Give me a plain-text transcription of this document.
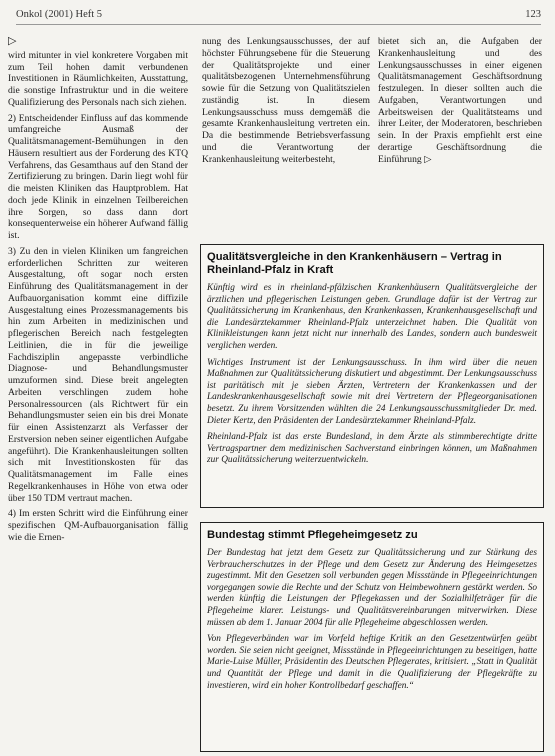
Onkol (2001) Heft 5	123
▷

wird mitunter in viel konkretere Vorgaben mit zum Teil hohen damit verbundenen Investitionen in Räumlichkeiten, Ausstattung, die sonstige Infrastruktur und in die weitere Qualifizierung des Personals nach sich ziehen.

2) Entscheidender Einfluss auf das kommende umfangreiche Ausmaß der Qualitätsmanagement-Bemühungen in den Häusern resultiert aus der Forderung des KTQ Verfahrens, das Gesamthaus auf den Stand der Zertifizierung zu bringen. Darin liegt wohl für die meisten Kliniken das Hauptproblem. Hat doch jede Klinik in einzelnen Teilbereichen ihre Sorgen, so dass dann dort konsequenterweise ein höherer Aufwand fällig ist.

3) Zu den in vielen Kliniken um fangreichen erforderlichen Schritten zur weiteren Ausgestaltung, oft sogar noch ersten Einführung des Qualitätsmanagement in der Aufbauorganisation kommt eine diffizile Ausgestaltung eines Prozessmanagements bis hin zum Arbeiten in medizinischen und pflegerischen Bereich nach festgelegten Leitlinien, die in für die jeweilige Fachdisziplin angepasste verbindliche Diagnose- und Behandlungsmuster umzuformen sind. Diese breit angelegten Arbeiten verschlingen zudem hohe Personalressourcen (als Richtwert für ein Behandlungsmuster seien ein bis drei Monate für einen Assistenzarzt als Verfasser der Erstversion neben seiner eigentlichen Aufgabe angeführt). Die Krankenhausleitungen sollten sich mit Investitionskosten für das Qualitätsmanagement im Falle eines Regelkrankenhauses in Höhe von etwa oder über 150 TDM vertraut machen.

4) Im ersten Schritt wird die Einführung einer spezifischen QM-Aufbauorganisation fällig wie die Ernen-

nung des Lenkungsausschusses, der auf höchster Führungsebene für die Steuerung der Qualitätsprojekte und einer qualitätsbezogenen Unternehmensführung sowie für die Setzung von Qualitätszielen zuständig ist. In diesem Lenkungsausschuss muss demgemäß die gesamte Krankenhausleitung vertreten ein. Da die bestimmende Betriebsverfassung und die Verantwortung der Krankenhausleitung weiterbesteht,

bietet sich an, die Aufgaben der Krankenhausleitung und des Lenkungsausschusses in einer eigenen Qualitätsmanagement Geschäftsordnung festzulegen. In dieser sollten auch die Aufgaben, Verantwortungen und Arbeitsweisen der Qualitätsteams und ihrer Leiter, der Moderatoren, beschrieben sein. In der Praxis empfiehlt erst eine derartige Geschäftsordnung die Einführung ▷

Qualitätsvergleiche in den Krankenhäusern – Vertrag in Rheinland-Pfalz in Kraft

Künftig wird es in rheinland-pfälzischen Krankenhäusern Qualitätsvergleiche der ärztlichen und pflegerischen Leistungen geben. Grundlage dafür ist der Vertrag zur Qualitätssicherung im Krankenhaus, den Krankenkassen, Krankenhausgesellschaft und die Landesärztekammer Rheinland-Pfalz unterzeichnet haben. Die Qualität von Klinikleistungen kann jetzt nicht nur innerhalb des Landes, sondern auch bundesweit verglichen werden.

Wichtiges Instrument ist der Lenkungsausschuss. In ihm wird über die neuen Maßnahmen zur Qualitätssicherung diskutiert und abgestimmt. Der Lenkungsausschuss ist paritätisch mit je sieben Ärzten, Vertretern der Krankenkassen und der Landeskrankenhausgesellschaft sowie mit drei Vertretern der Pflegeorganisationen besetzt. Zu ihrem Vorsitzenden wählten die 24 Lenkungsausschussmitglieder Dr. med. Dieter Kertz, den Präsidenten der Landesärztekammer Rheinland-Pfalz.

Rheinland-Pfalz ist das erste Bundesland, in dem Ärzte als stimmberechtigte dritte Vertragspartner dem medizinischen Sachverstand einbringen können, um Maßnahmen zur Qualitätssicherung weiterzuentwickeln.

Bundestag stimmt Pflegeheimgesetz zu

Der Bundestag hat jetzt dem Gesetz zur Qualitätssicherung und zur Stärkung des Verbraucherschutzes in der Pflege und dem Gesetz zur Änderung des Heimgesetzes zugestimmt. Mit den Gesetzen soll verbunden gegen Missstände in Pflegeeinrichtungen vorgegangen sowie die Rechte und der Schutz von Heimbewohnern gestärkt werden. So werden künftig die Leistungen der Pflegekassen und der Sozialhilfeträger für die Pflegeheime klarer. Leistungs- und Qualitätsvereinbarungen mitverwirken. Diese müssen ab dem 1. Januar 2004 für alle Pflegeheime abgeschlossen werden.

Von Pflegeverbänden war im Vorfeld heftige Kritik an den Gesetzentwürfen geübt worden. Sie seien nicht geeignet, Missstände in Pflegeeinrichtungen zu beseitigen, hatte Marie-Luise Müller, Präsidentin des Deutschen Pflegerates, kritisiert. „Statt in Qualität und Quantität der Pflege und damit in die Qualifizierung der Pflegekräfte zu investieren, wird ein hoher Kontrollbedarf geschaffen.“
